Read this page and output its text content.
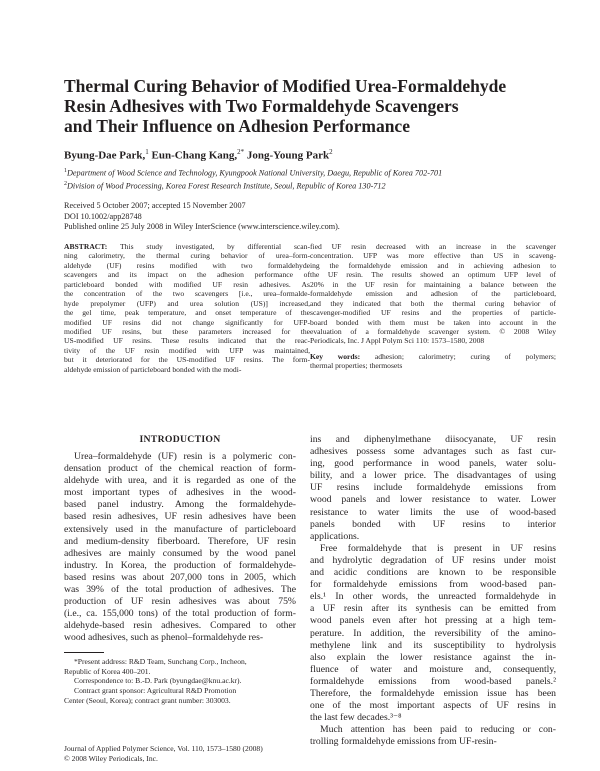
Thermal Curing Behavior of Modified Urea-Formaldehyde
Resin Adhesives with Two Formaldehyde Scavengers
and Their Influence on Adhesion Performance
Byung-Dae Park,$^1$ Eun-Chang Kang,$^{2*}$ Jong-Young Park$^2$
$^1$Department of Wood Science and Technology, Kyungpook National University, Daegu, Republic of Korea 702-701
$^2$Division of Wood Processing, Korea Forest Research Institute, Seoul, Republic of Korea 130-712
Received 5 October 2007; accepted 15 November 2007
DOI 10.1002/app28748
Published online 25 July 2008 in Wiley InterScience (www.interscience.wiley.com).
ABSTRACT: This study investigated, by differential scan-
ning calorimetry, the thermal curing behavior of urea–form-
aldehyde (UF) resins modified with two formaldehyde
scavengers and its impact on the adhesion performance of
particleboard bonded with modified UF resin adhesives. As
the concentration of the two scavengers [i.e., urea–formalde-
hyde prepolymer (UFP) and urea solution (US)] increased,
the gel time, peak temperature, and onset temperature of the
modified UF resins did not change significantly for UFP-
modified UF resins, but these parameters increased for the
US-modified UF resins. These results indicated that the reac-
tivity of the UF resin modified with UFP was maintained,
but it deteriorated for the US-modified UF resins. The form-
aldehyde emission of particleboard bonded with the modi-
fied UF resin decreased with an increase in the scavenger
concentration. UFP was more effective than US in scaveng-
ing the formaldehyde emission and in achieving adhesion to
the UF resin. The results showed an optimum UFP level of
20% in the UF resin for maintaining a balance between the
formaldehyde emission and adhesion of the particleboard,
and they indicated that both the thermal curing behavior of
scavenger-modified UF resins and the properties of particle-
board bonded with them must be taken into account in the
evaluation of a formaldehyde scavenger system. © 2008 Wiley
Periodicals, Inc. J Appl Polym Sci 110: 1573–1580, 2008
Key words: adhesion; calorimetry; curing of polymers;
thermal properties; thermosets
INTRODUCTION
Urea–formaldehyde (UF) resin is a polymeric con-
densation product of the chemical reaction of form-
aldehyde with urea, and it is regarded as one of the
most important types of adhesives in the wood-
based panel industry. Among the formaldehyde-
based resin adhesives, UF resin adhesives have been
extensively used in the manufacture of particleboard
and medium-density fiberboard. Therefore, UF resin
adhesives are mainly consumed by the wood panel
industry. In Korea, the production of formaldehyde-
based resins was about 207,000 tons in 2005, which
was 39% of the total production of adhesives. The
production of UF resin adhesives was about 75%
(i.e., ca. 155,000 tons) of the total production of form-
aldehyde-based resin adhesives. Compared to other
wood adhesives, such as phenol–formaldehyde res-
ins and diphenylmethane diisocyanate, UF resin
adhesives possess some advantages such as fast cur-
ing, good performance in wood panels, water solu-
bility, and a lower price. The disadvantages of using
UF resins include formaldehyde emissions from
wood panels and lower resistance to water. Lower
resistance to water limits the use of wood-based
panels bonded with UF resins to interior
applications.
Free formaldehyde that is present in UF resins
and hydrolytic degradation of UF resins under moist
and acidic conditions are known to be responsible
for formaldehyde emissions from wood-based pan-
els.¹ In other words, the unreacted formaldehyde in
a UF resin after its synthesis can be emitted from
wood panels even after hot pressing at a high tem-
perature. In addition, the reversibility of the amino-
methylene link and its susceptibility to hydrolysis
also explain the lower resistance against the in-
fluence of water and moisture and, consequently,
formaldehyde emissions from wood-based panels.²
Therefore, the formaldehyde emission issue has been
one of the most important aspects of UF resins in
the last few decades.³⁻⁸
Much attention has been paid to reducing or con-
trolling formaldehyde emissions from UF-resin-
*Present address: R&D Team, Sunchang Corp., Incheon,
Republic of Korea 400–201.
Correspondence to: B.-D. Park (byungdae@knu.ac.kr).
Contract grant sponsor: Agricultural R&D Promotion
Center (Seoul, Korea); contract grant number: 303003.
Journal of Applied Polymer Science, Vol. 110, 1573–1580 (2008)
© 2008 Wiley Periodicals, Inc.
